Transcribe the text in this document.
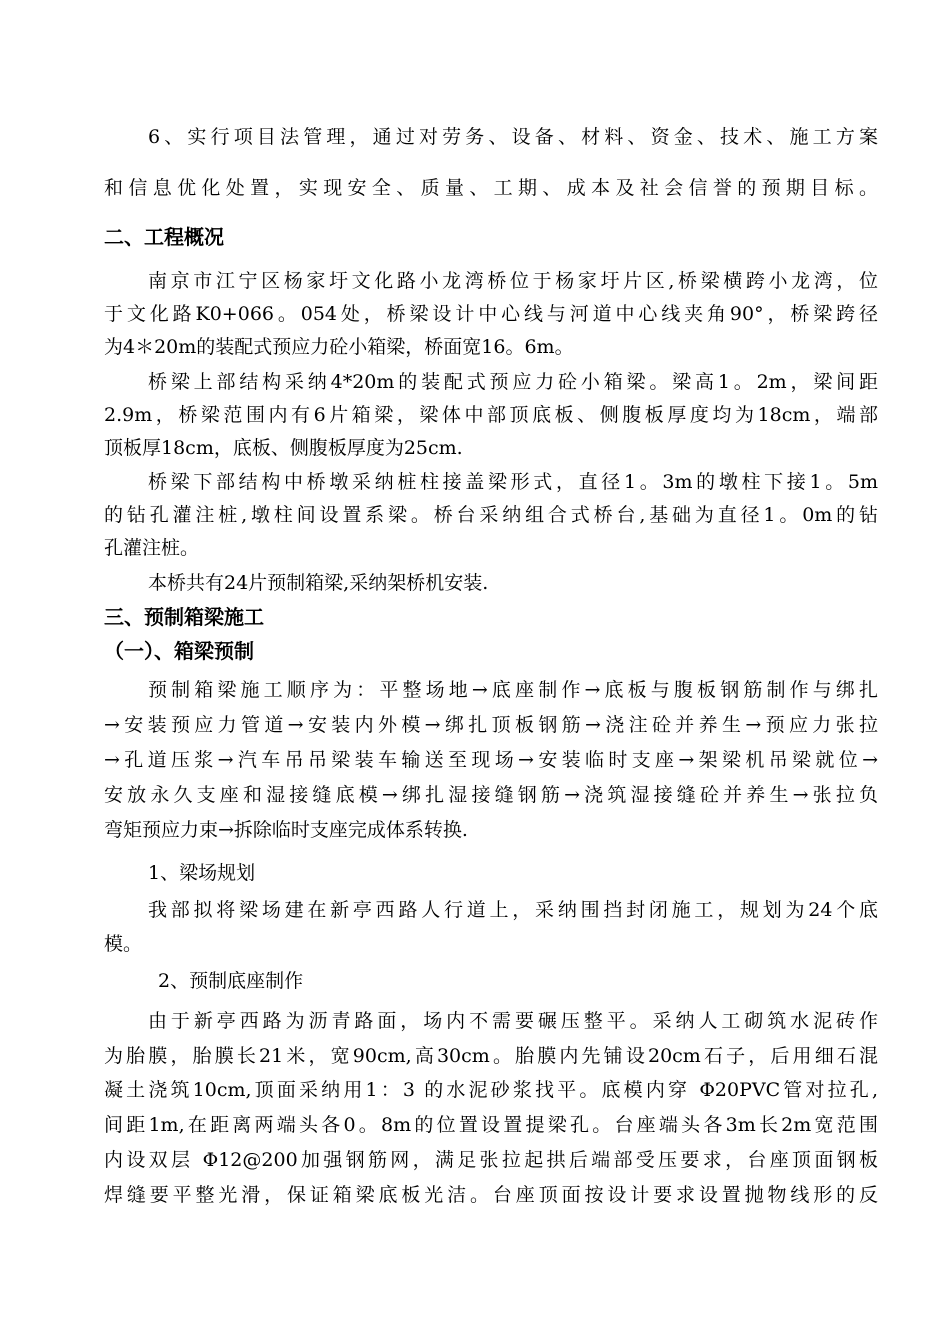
6、实行项目法管理，通过对劳务、设备、材料、资金、技术、施工方案
和信息优化处置，实现安全、质量、工期、成本及社会信誉的预期目标。
二、工程概况
南京市江宁区杨家圩文化路小龙湾桥位于杨家圩片区,桥梁横跨小龙湾，位
于文化路K0+066。054处，桥梁设计中心线与河道中心线夹角90°，桥梁跨径
为4＊20m的装配式预应力砼小箱梁，桥面宽16。6m。
桥梁上部结构采纳4*20m的装配式预应力砼小箱梁。梁高1。2m，梁间距
2.9m，桥梁范围内有6片箱梁，梁体中部顶底板、侧腹板厚度均为18cm，端部
顶板厚18cm，底板、侧腹板厚度为25cm.
桥梁下部结构中桥墩采纳桩柱接盖梁形式，直径1。3m的墩柱下接1。5m
的钻孔灌注桩,墩柱间设置系梁。桥台采纳组合式桥台,基础为直径1。0m的钻
孔灌注桩。
本桥共有24片预制箱梁,采纳架桥机安装.
三、预制箱梁施工
（一）、箱梁预制
预制箱梁施工顺序为：平整场地→底座制作→底板与腹板钢筋制作与绑扎
→安装预应力管道→安装内外模→绑扎顶板钢筋→浇注砼并养生→预应力张拉
→孔道压浆→汽车吊吊梁装车输送至现场→安装临时支座→架梁机吊梁就位→
安放永久支座和湿接缝底模→绑扎湿接缝钢筋→浇筑湿接缝砼并养生→张拉负
弯矩预应力束→拆除临时支座完成体系转换.
1、梁场规划
我部拟将梁场建在新亭西路人行道上，采纳围挡封闭施工，规划为24个底
模。
2、预制底座制作
由于新亭西路为沥青路面，场内不需要碾压整平。采纳人工砌筑水泥砖作
为胎膜，胎膜长21米，宽90cm,高30cm。胎膜内先铺设20cm石子，后用细石混
凝土浇筑10cm,顶面采纳用1：3 的水泥砂浆找平。底模内穿 Φ20PVC管对拉孔,
间距1m,在距离两端头各0。8m的位置设置提梁孔。台座端头各3m长2m宽范围
内设双层 Φ12@200加强钢筋网，满足张拉起拱后端部受压要求，台座顶面钢板
焊缝要平整光滑，保证箱梁底板光洁。台座顶面按设计要求设置抛物线形的反
